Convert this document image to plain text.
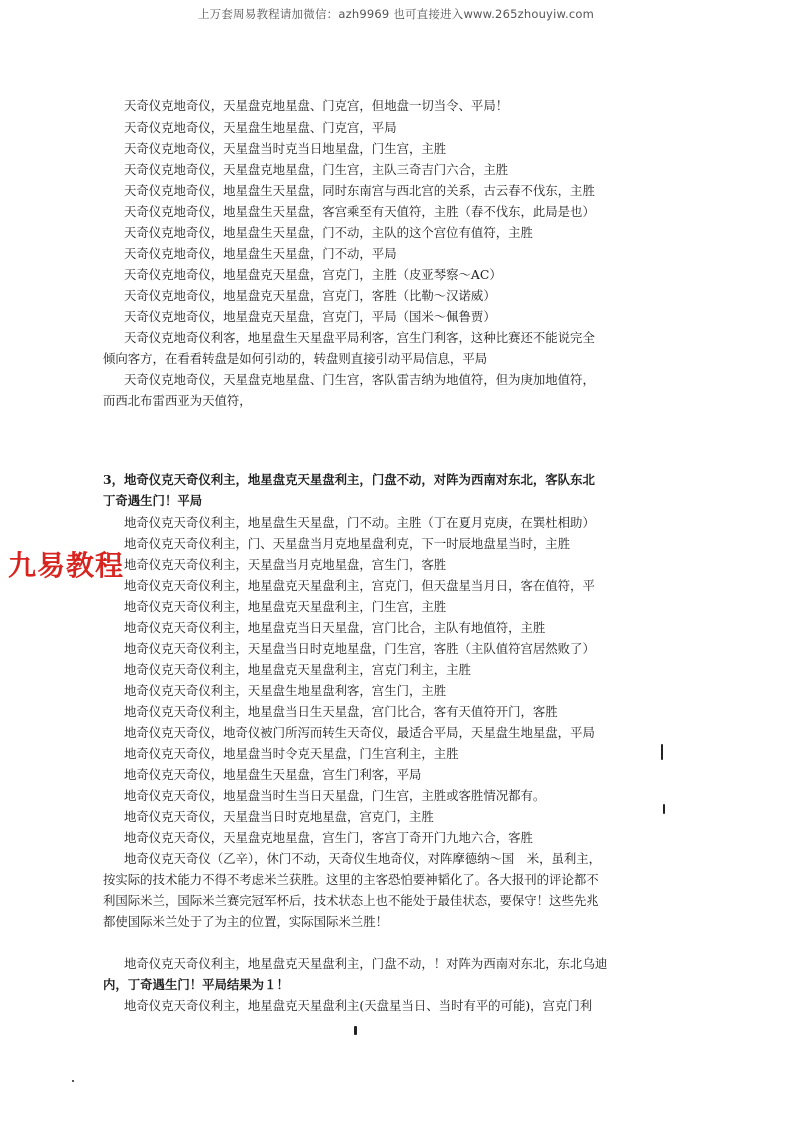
上万套周易教程请加微信：azh9969 也可直接进入www.265zhouyiw.com
天奇仪克地奇仪，天星盘克地星盘、门克宫，但地盘一切当令、平局！
天奇仪克地奇仪，天星盘生地星盘、门克宫，平局
天奇仪克地奇仪，天星盘当时克当日地星盘，门生宫，主胜
天奇仪克地奇仪，天星盘克地星盘，门生宫，主队三奇吉门六合，主胜
天奇仪克地奇仪，地星盘生天星盘，同时东南宫与西北宫的关系，古云春不伐东，主胜
天奇仪克地奇仪，地星盘生天星盘，客宫乘至有天值符，主胜（春不伐东，此局是也）
天奇仪克地奇仪，地星盘生天星盘，门不动，主队的这个宫位有值符，主胜
天奇仪克地奇仪，地星盘生天星盘，门不动，平局
天奇仪克地奇仪，地星盘克天星盘，宫克门，主胜（皮亚琴察～AC）
天奇仪克地奇仪，地星盘克天星盘，宫克门，客胜（比勒～汉诺威）
天奇仪克地奇仪，地星盘克天星盘，宫克门，平局（国米～佩鲁贾）
天奇仪克地奇仪利客，地星盘生天星盘平局利客，宫生门利客，这种比赛还不能说完全
倾向客方，在看看转盘是如何引动的，转盘则直接引动平局信息，平局
天奇仪克地奇仪，天星盘克地星盘、门生宫，客队雷吉纳为地值符，但为庚加地值符，
而西北布雷西亚为天值符，
3，地奇仪克天奇仪利主，地星盘克天星盘利主，门盘不动，对阵为西南对东北，客队东北
丁奇遇生门！平局
地奇仪克天奇仪利主，地星盘生天星盘，门不动。主胜（丁在夏月克庚，在巽杜相助）
地奇仪克天奇仪利主，门、天星盘当月克地星盘利克，下一时辰地盘星当时，主胜
地奇仪克天奇仪利主，天星盘当月克地星盘，宫生门，客胜
地奇仪克天奇仪利主，地星盘克天星盘利主，宫克门，但天盘星当月日，客在值符，平
地奇仪克天奇仪利主，地星盘克天星盘利主，门生宫，主胜
地奇仪克天奇仪利主，地星盘克当日天星盘，宫门比合，主队有地值符，主胜
地奇仪克天奇仪利主，天星盘当日时克地星盘，门生宫，客胜（主队值符宫居然败了）
地奇仪克天奇仪利主，地星盘克天星盘利主，宫克门利主，主胜
地奇仪克天奇仪利主，天星盘生地星盘利客，宫生门，主胜
地奇仪克天奇仪利主，地星盘当日生天星盘，宫门比合，客有天值符开门，客胜
地奇仪克天奇仪，地奇仪被门所泻而转生天奇仪，最适合平局，天星盘生地星盘，平局
地奇仪克天奇仪，地星盘当时令克天星盘，门生宫利主，主胜
地奇仪克天奇仪，地星盘生天星盘，宫生门利客，平局
地奇仪克天奇仪，地星盘当时生当日天星盘，门生宫，主胜或客胜情况都有。
地奇仪克天奇仪，天星盘当日时克地星盘，宫克门，主胜
地奇仪克天奇仪，天星盘克地星盘，宫生门，客宫丁奇开门九地六合，客胜
地奇仪克天奇仪（乙辛），休门不动，天奇仪生地奇仪，对阵摩德纳～国　米，虽利主，
按实际的技术能力不得不考虑米兰获胜。这里的主客恐怕要神韬化了。各大报刊的评论都不
利国际米兰，国际米兰赛完冠军杯后，技术状态上也不能处于最佳状态，要保守！这些先兆
都使国际米兰处于了为主的位置，实际国际米兰胜！
地奇仪克天奇仪利主，地星盘克天星盘利主，门盘不动，！对阵为西南对东北，东北乌迪
内，丁奇遇生门！平局结果为１！
地奇仪克天奇仪利主，地星盘克天星盘利主(天盘星当日、当时有平的可能)，宫克门利
九易教程
